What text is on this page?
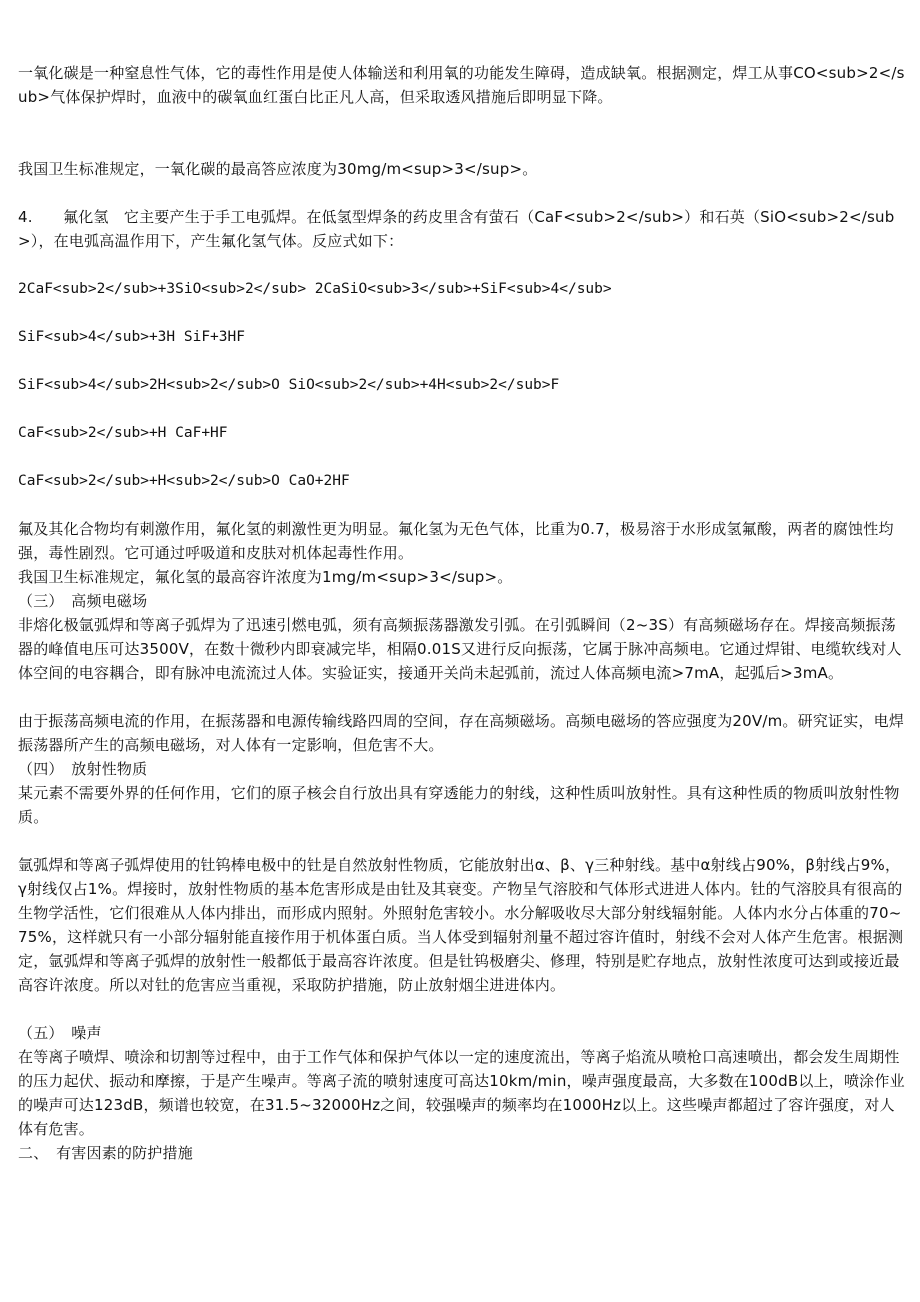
一氧化碳是一种窒息性气体，它的毒性作用是使人体输送和利用氧的功能发生障碍，造成缺氧。根据测定，焊工从事CO<sub>2</sub>气体保护焊时，血液中的碳氧血红蛋白比正凡人高，但采取透风措施后即明显下降。

我国卫生标准规定，一氧化碳的最高答应浓度为30mg/m<sup>3</sup>。

4.　　氟化氢　它主要产生于手工电弧焊。在低氢型焊条的药皮里含有萤石（CaF<sub>2</sub>）和石英（SiO<sub>2</sub>），在电弧高温作用下，产生氟化氢气体。反应式如下：

2CaF<sub>2</sub>+3SiO<sub>2</sub> 2CaSiO<sub>3</sub>+SiF<sub>4</sub>

SiF<sub>4</sub>+3H SiF+3HF

SiF<sub>4</sub>2H<sub>2</sub>O SiO<sub>2</sub>+4H<sub>2</sub>F

CaF<sub>2</sub>+H CaF+HF

CaF<sub>2</sub>+H<sub>2</sub>O CaO+2HF

氟及其化合物均有刺激作用，氟化氢的刺激性更为明显。氟化氢为无色气体，比重为0.7，极易溶于水形成氢氟酸，两者的腐蚀性均强，毒性剧烈。它可通过呼吸道和皮肤对机体起毒性作用。

我国卫生标准规定，氟化氢的最高容许浓度为1mg/m<sup>3</sup>。

（三）　高频电磁场

非熔化极氩弧焊和等离子弧焊为了迅速引燃电弧，须有高频振荡器激发引弧。在引弧瞬间（2~3S）有高频磁场存在。焊接高频振荡器的峰值电压可达3500V，在数十微秒内即衰减完毕，相隔0.01S又进行反向振荡，它属于脉冲高频电。它通过焊钳、电缆软线对人体空间的电容耦合，即有脉冲电流流过人体。实验证实，接通开关尚未起弧前，流过人体高频电流>7mA，起弧后>3mA。

由于振荡高频电流的作用，在振荡器和电源传输线路四周的空间，存在高频磁场。高频电磁场的答应强度为20V/m。研究证实，电焊振荡器所产生的高频电磁场，对人体有一定影响，但危害不大。

（四）　放射性物质

某元素不需要外界的任何作用，它们的原子核会自行放出具有穿透能力的射线，这种性质叫放射性。具有这种性质的物质叫放射性物质。

氩弧焊和等离子弧焊使用的钍钨棒电极中的钍是自然放射性物质，它能放射出α、β、γ三种射线。基中α射线占90%，β射线占9%，γ射线仅占1%。焊接时，放射性物质的基本危害形成是由钍及其衰变。产物呈气溶胶和气体形式进进人体内。钍的气溶胶具有很高的生物学活性，它们很难从人体内排出，而形成内照射。外照射危害较小。水分解吸收尽大部分射线辐射能。人体内水分占体重的70~75%，这样就只有一小部分辐射能直接作用于机体蛋白质。当人体受到辐射剂量不超过容许值时，射线不会对人体产生危害。根据测定，氩弧焊和等离子弧焊的放射性一般都低于最高容许浓度。但是钍钨极磨尖、修理，特别是贮存地点，放射性浓度可达到或接近最高容许浓度。所以对钍的危害应当重视，采取防护措施，防止放射烟尘进进体内。

（五）　噪声

在等离子喷焊、喷涂和切割等过程中，由于工作气体和保护气体以一定的速度流出，等离子焰流从喷枪口高速喷出，都会发生周期性的压力起伏、振动和摩擦，于是产生噪声。等离子流的喷射速度可高达10km/min，噪声强度最高，大多数在100dB以上，喷涂作业的噪声可达123dB，频谱也较宽，在31.5~32000Hz之间，较强噪声的频率均在1000Hz以上。这些噪声都超过了容许强度，对人体有危害。

二、　有害因素的防护措施
